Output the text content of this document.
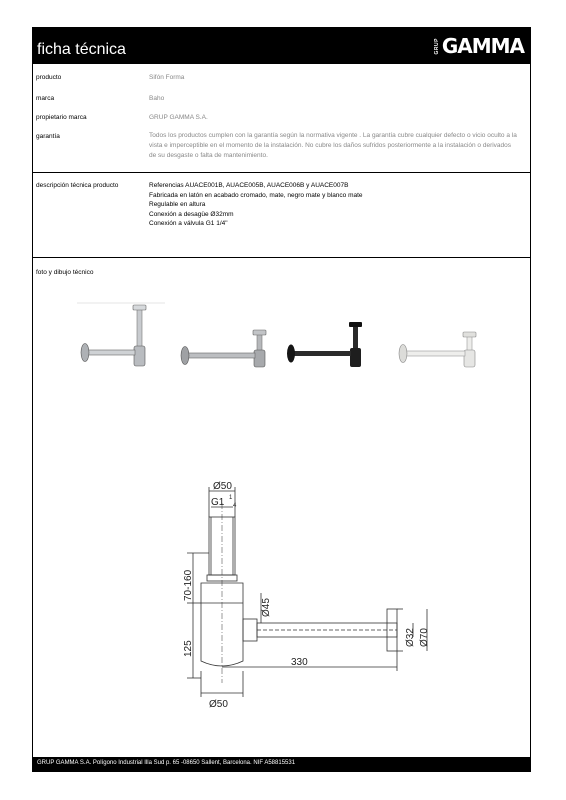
ficha técnica	GRUP GAMMA
producto	Sifón Forma
marca	Baho
propietario marca	GRUP GAMMA S.A.
garantía	Todos los productos cumplen con la garantía según la normativa vigente . La garantía cubre cualquier defecto o vicio oculto a la
vista e imperceptible en el momento de la instalación. No cubre los daños sufridos posteriormente a la instalación o derivados
de su desgaste o falta de mantenimiento.
descripción técnica producto	Referencias AUACE001B, AUACE005B, AUACE006B y AUACE007B
Fabricada en latón en acabado cromado, mate, negro mate y blanco mate
Regulable en altura
Conexión a desagüe Ø32mm
Conexión a válvula G1 1/4"
foto y dibujo técnico
Ø50
G1 1
4
70-160
125
Ø45
330
Ø32 Ø70
Ø50
GRUP GAMMA S.A. Polígono Industrial Illa Sud p. 65 -08650 Sallent, Barcelona. NIF A58815531
